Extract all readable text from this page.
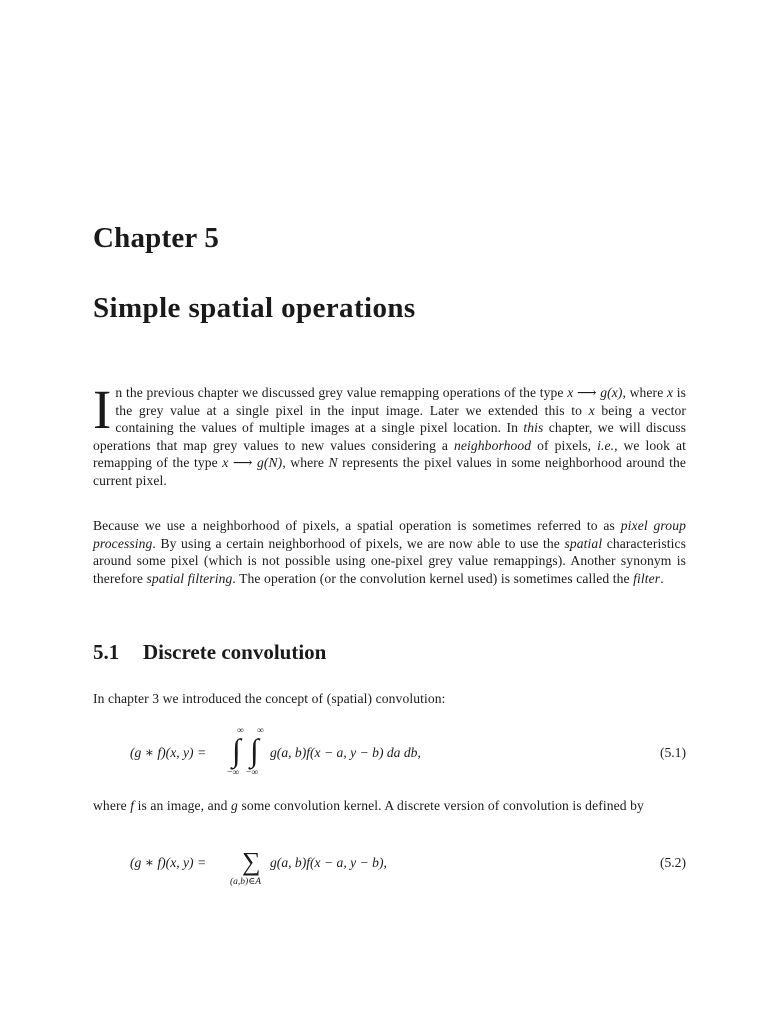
Chapter 5
Simple spatial operations
In the previous chapter we discussed grey value remapping operations of the type x ⟶ g(x), where x is the grey value at a single pixel in the input image. Later we extended this to x being a vector containing the values of multiple images at a single pixel location. In this chapter, we will discuss operations that map grey values to new values considering a neighborhood of pixels, i.e., we look at remapping of the type x ⟶ g(N), where N represents the pixel values in some neighborhood around the current pixel.
Because we use a neighborhood of pixels, a spatial operation is sometimes referred to as pixel group processing. By using a certain neighborhood of pixels, we are now able to use the spatial characteristics around some pixel (which is not possible using one-pixel grey value remappings). Another synonym is therefore spatial filtering. The operation (or the convolution kernel used) is sometimes called the filter.
5.1 Discrete convolution
In chapter 3 we introduced the concept of (spatial) convolution:
(g ∗ f)(x, y) = ∫ ∫
∞ ∞
−∞ −∞
g(a, b)f(x − a, y − b) da db,	(5.1)
where f is an image, and g some convolution kernel. A discrete version of convolution is defined by
(g ∗ f)(x, y) = ∑
(a,b)∈A
g(a, b)f(x − a, y − b),	(5.2)
